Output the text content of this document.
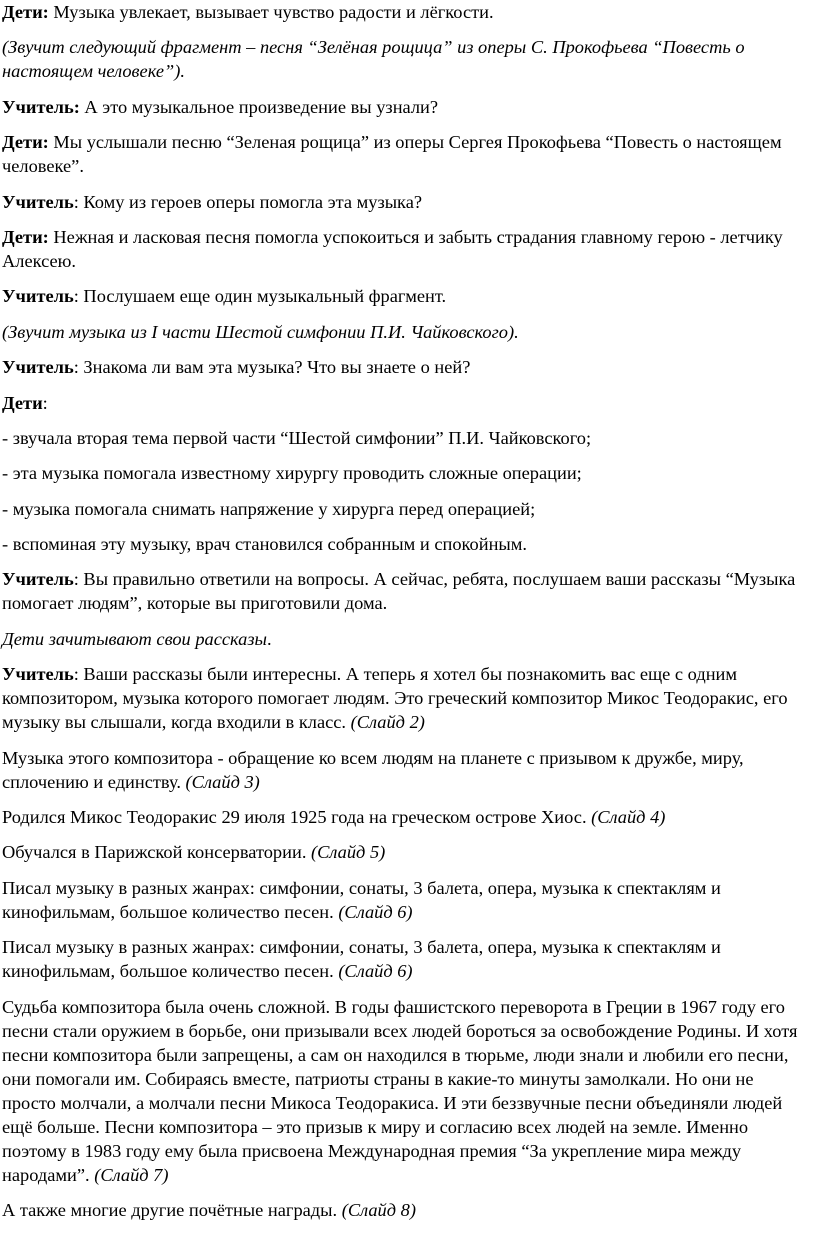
Дети: Музыка увлекает, вызывает чувство радости и лёгкости.

(Звучит следующий фрагмент – песня “Зелёная рощица” из оперы С. Прокофьева “Повесть о настоящем человеке”).

Учитель: А это музыкальное произведение вы узнали?

Дети: Мы услышали песню “Зеленая рощица” из оперы Сергея Прокофьева “Повесть о настоящем человеке”.

Учитель: Кому из героев оперы помогла эта музыка?

Дети: Нежная и ласковая песня помогла успокоиться и забыть страдания главному герою - летчику Алексею.

Учитель: Послушаем еще один музыкальный фрагмент.

(Звучит музыка из I части Шестой симфонии П.И. Чайковского).

Учитель: Знакома ли вам эта музыка? Что вы знаете о ней?

Дети:

- звучала вторая тема первой части “Шестой симфонии” П.И. Чайковского;

- эта музыка помогала известному хирургу проводить сложные операции;

- музыка помогала снимать напряжение у хирурга перед операцией;

- вспоминая эту музыку, врач становился собранным и спокойным.

Учитель: Вы правильно ответили на вопросы. А сейчас, ребята, послушаем ваши рассказы “Музыка помогает людям”, которые вы приготовили дома.

Дети зачитывают свои рассказы.

Учитель: Ваши рассказы были интересны. А теперь я хотел бы познакомить вас еще с одним композитором, музыка которого помогает людям. Это греческий композитор Микос Теодоракис, его музыку вы слышали, когда входили в класс. (Слайд 2)

Музыка этого композитора - обращение ко всем людям на планете с призывом к дружбе, миру, сплочению и единству. (Слайд 3)

Родился Микос Теодоракис 29 июля 1925 года на греческом острове Хиос. (Слайд 4)

Обучался в Парижской консерватории. (Слайд 5)

Писал музыку в разных жанрах: симфонии, сонаты, 3 балета, опера, музыка к спектаклям и кинофильмам, большое количество песен. (Слайд 6)

Писал музыку в разных жанрах: симфонии, сонаты, 3 балета, опера, музыка к спектаклям и кинофильмам, большое количество песен. (Слайд 6)

Судьба композитора была очень сложной. В годы фашистского переворота в Греции в 1967 году его песни стали оружием в борьбе, они призывали всех людей бороться за освобождение Родины. И хотя песни композитора были запрещены, а сам он находился в тюрьме, люди знали и любили его песни, они помогали им. Собираясь вместе, патриоты страны в какие-то минуты замолкали. Но они не просто молчали, а молчали песни Микоса Теодоракиса. И эти беззвучные песни объединяли людей ещё больше. Песни композитора – это призыв к миру и согласию всех людей на земле. Именно поэтому в 1983 году ему была присвоена Международная премия “За укрепление мира между народами”. (Слайд 7)

А также многие другие почётные награды. (Слайд 8)
